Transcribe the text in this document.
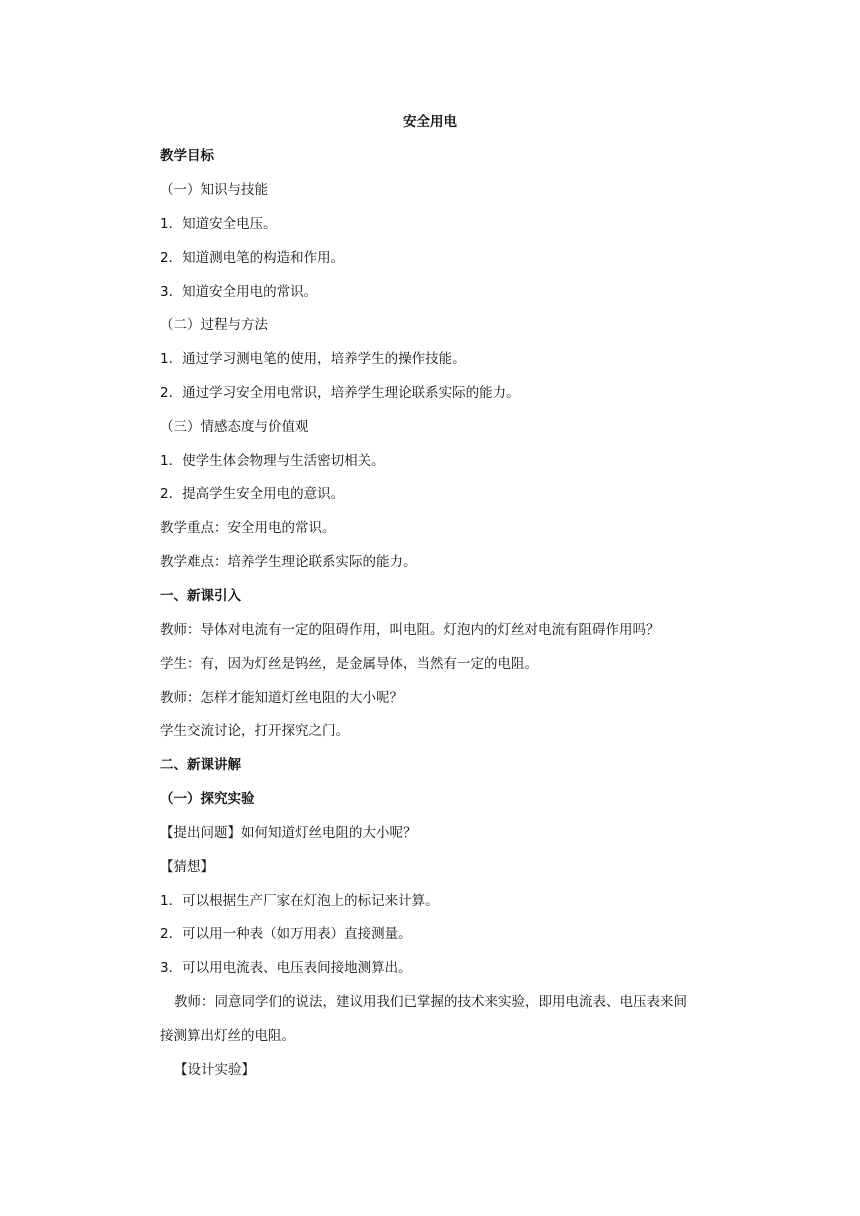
安全用电
教学目标
（一）知识与技能
1．知道安全电压。
2．知道测电笔的构造和作用。
3．知道安全用电的常识。
（二）过程与方法
1．通过学习测电笔的使用，培养学生的操作技能。
2．通过学习安全用电常识，培养学生理论联系实际的能力。
（三）情感态度与价值观
1．使学生体会物理与生活密切相关。
2．提高学生安全用电的意识。
教学重点：安全用电的常识。
教学难点：培养学生理论联系实际的能力。
一、新课引入
教师：导体对电流有一定的阻碍作用，叫电阻。灯泡内的灯丝对电流有阻碍作用吗？
学生：有，因为灯丝是钨丝，是金属导体，当然有一定的电阻。
教师：怎样才能知道灯丝电阻的大小呢？
学生交流讨论，打开探究之门。
二、新课讲解
（一）探究实验
【提出问题】如何知道灯丝电阻的大小呢？
【猜想】
1．可以根据生产厂家在灯泡上的标记来计算。
2．可以用一种表（如万用表）直接测量。
3．可以用电流表、电压表间接地测算出。
教师：同意同学们的说法，建议用我们已掌握的技术来实验，即用电流表、电压表来间
接测算出灯丝的电阻。
【设计实验】
